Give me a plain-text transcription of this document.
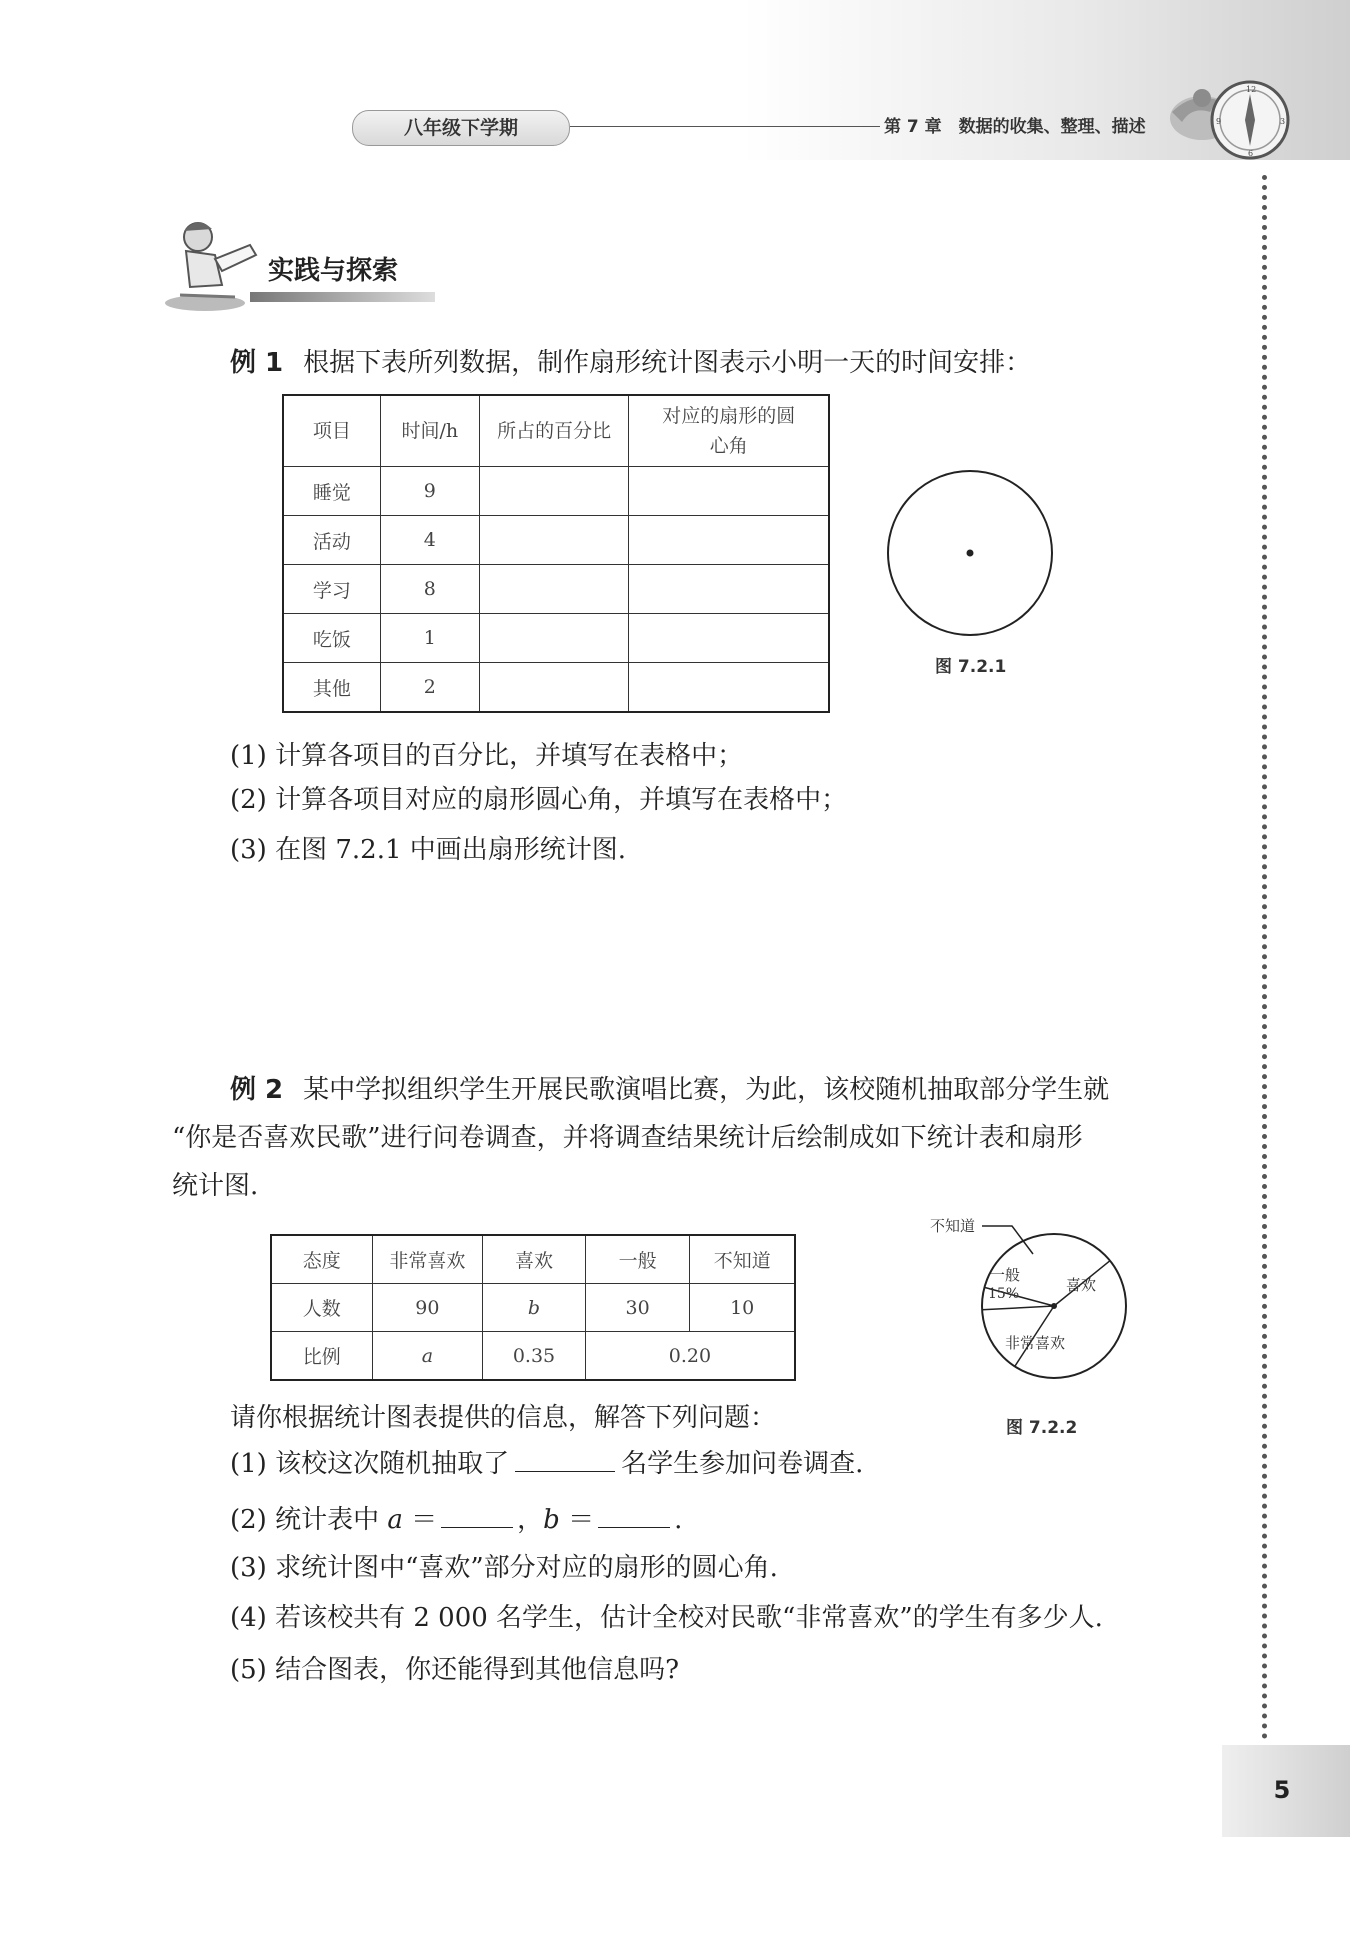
八年级下学期	第 7 章　数据的收集、整理、描述
12
3
6
9
5
实践与探索
例 1 根据下表所列数据，制作扇形统计图表示小明一天的时间安排：
项目	时间/h	所占的百分比	对应的扇形的圆心角
睡觉	9		
活动	4		
学习	8		
吃饭	1		
其他	2		
图 7.2.1
(1) 计算各项目的百分比，并填写在表格中；
(2) 计算各项目对应的扇形圆心角，并填写在表格中；
(3) 在图 7.2.1 中画出扇形统计图.
例 2 某中学拟组织学生开展民歌演唱比赛，为此，该校随机抽取部分学生就
“你是否喜欢民歌”进行问卷调查，并将调查结果统计后绘制成如下统计表和扇形
统计图.
态度	非常喜欢	喜欢	一般	不知道
人数	90	b	30	10
比例	a	0.35	0.20	
不知道
一般
15%	喜欢
非常喜欢
图 7.2.2
请你根据统计图表提供的信息，解答下列问题：
(1) 该校这次随机抽取了	名学生参加问卷调查.
(2) 统计表中 a ＝	，b ＝	.
(3) 求统计图中“喜欢”部分对应的扇形的圆心角.
(4) 若该校共有 2 000 名学生，估计全校对民歌“非常喜欢”的学生有多少人.
(5) 结合图表，你还能得到其他信息吗?
